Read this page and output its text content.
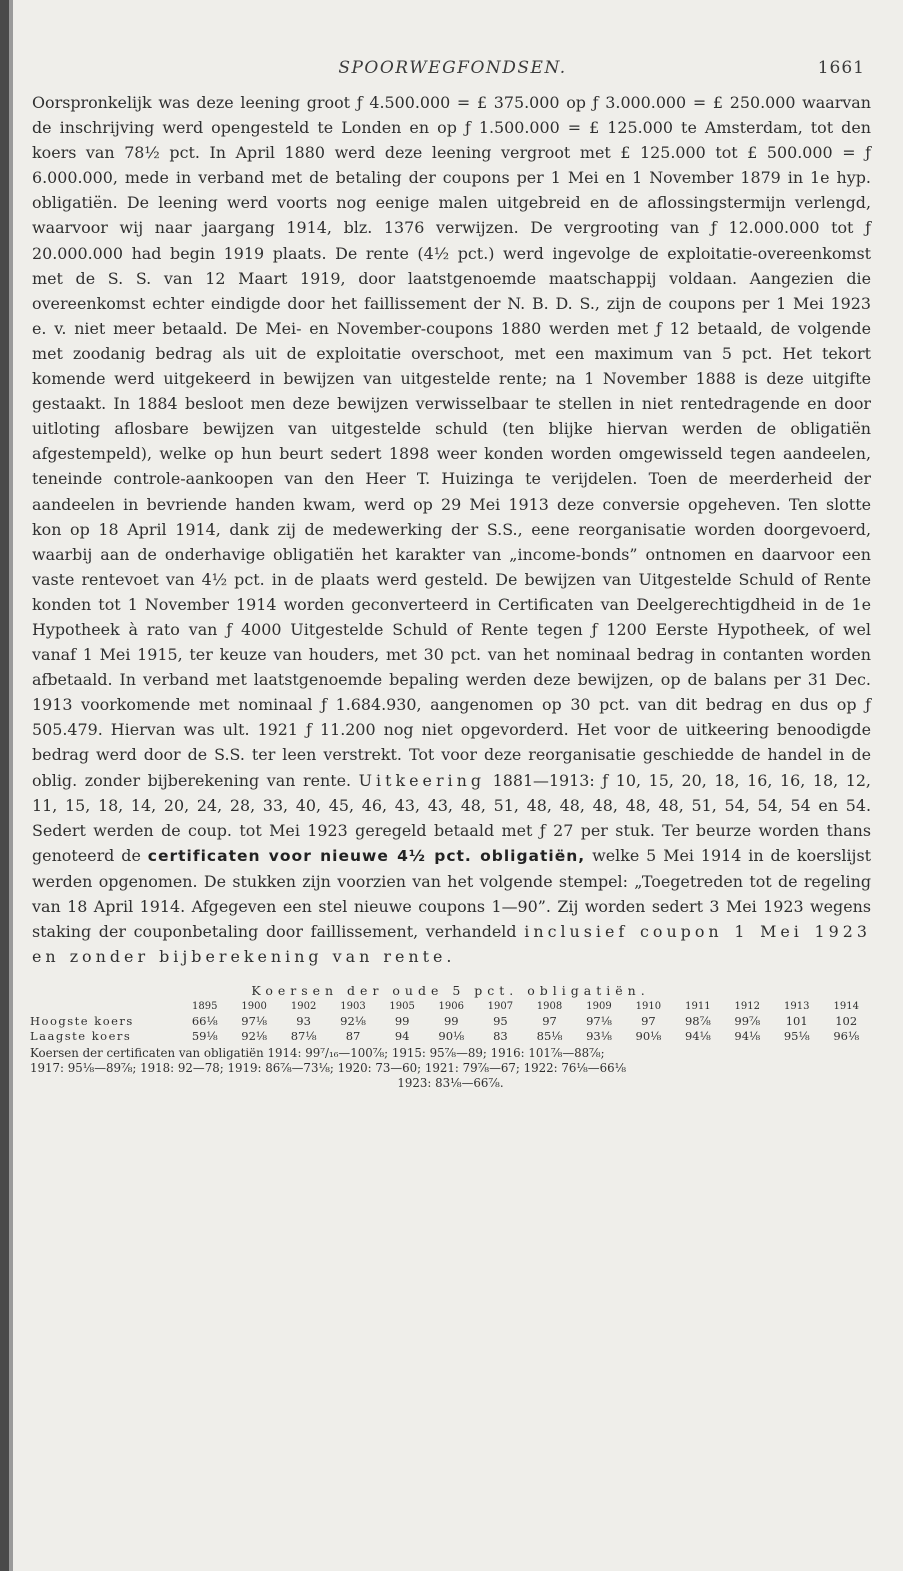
SPOORWEGFONDSEN.	1661

Oorspronkelijk was deze leening groot ƒ 4.500.000 = £ 375.000 op ƒ 3.000.000 = £ 250.000 waarvan de inschrijving werd opengesteld te Londen en op ƒ 1.500.000 = £ 125.000 te Amsterdam, tot den koers van 78½ pct. In April 1880 werd deze leening vergroot met £ 125.000 tot £ 500.000 = ƒ 6.000.000, mede in verband met de betaling der coupons per 1 Mei en 1 November 1879 in 1e hyp. obligatiën. De leening werd voorts nog eenige malen uitgebreid en de aflossingstermijn verlengd, waarvoor wij naar jaargang 1914, blz. 1376 verwijzen. De vergrooting van ƒ 12.000.000 tot ƒ 20.000.000 had begin 1919 plaats. De rente (4½ pct.) werd ingevolge de exploitatie-overeenkomst met de S. S. van 12 Maart 1919, door laatstgenoemde maatschappij voldaan. Aangezien die overeenkomst echter eindigde door het faillissement der N. B. D. S., zijn de coupons per 1 Mei 1923 e. v. niet meer betaald. De Mei- en November-coupons 1880 werden met ƒ 12 betaald, de volgende met zoodanig bedrag als uit de exploitatie overschoot, met een maximum van 5 pct. Het tekort komende werd uitgekeerd in bewijzen van uitgestelde rente; na 1 November 1888 is deze uitgifte gestaakt. In 1884 besloot men deze bewijzen verwisselbaar te stellen in niet rentedragende en door uitloting aflosbare bewijzen van uitgestelde schuld (ten blijke hiervan werden de obligatiën afgestempeld), welke op hun beurt sedert 1898 weer konden worden omgewisseld tegen aandeelen, teneinde controle-aankoopen van den Heer T. Huizinga te verijdelen. Toen de meerderheid der aandeelen in bevriende handen kwam, werd op 29 Mei 1913 deze conversie opgeheven. Ten slotte kon op 18 April 1914, dank zij de medewerking der S.S., eene reorganisatie worden doorgevoerd, waarbij aan de onderhavige obligatiën het karakter van „income-bonds” ontnomen en daarvoor een vaste rentevoet van 4½ pct. in de plaats werd gesteld. De bewijzen van Uitgestelde Schuld of Rente konden tot 1 November 1914 worden geconverteerd in Certificaten van Deelgerechtigdheid in de 1e Hypotheek à rato van ƒ 4000 Uitgestelde Schuld of Rente tegen ƒ 1200 Eerste Hypotheek, of wel vanaf 1 Mei 1915, ter keuze van houders, met 30 pct. van het nominaal bedrag in contanten worden afbetaald. In verband met laatstgenoemde bepaling werden deze bewijzen, op de balans per 31 Dec. 1913 voorkomende met nominaal ƒ 1.684.930, aangenomen op 30 pct. van dit bedrag en dus op ƒ 505.479. Hiervan was ult. 1921 ƒ 11.200 nog niet opgevorderd. Het voor de uitkeering benoodigde bedrag werd door de S.S. ter leen verstrekt. Tot voor deze reorganisatie geschiedde de handel in de oblig. zonder bijberekening van rente. Uitkeering 1881—1913: ƒ 10, 15, 20, 18, 16, 16, 18, 12, 11, 15, 18, 14, 20, 24, 28, 33, 40, 45, 46, 43, 43, 48, 51, 48, 48, 48, 48, 48, 51, 54, 54, 54 en 54. Sedert werden de coup. tot Mei 1923 geregeld betaald met ƒ 27 per stuk. Ter beurze worden thans genoteerd de certificaten voor nieuwe 4½ pct. obligatiën, welke 5 Mei 1914 in de koerslijst werden opgenomen. De stukken zijn voorzien van het volgende stempel: „Toegetreden tot de regeling van 18 April 1914. Afgegeven een stel nieuwe coupons 1—90”. Zij worden sedert 3 Mei 1923 wegens staking der couponbetaling door faillissement, verhandeld inclusief coupon 1 Mei 1923 en zonder bijberekening van rente.

Koersen der oude 5 pct. obligatiën.
	1895	1900	1902	1903	1905	1906	1907	1908	1909	1910	1911	1912	1913	1914
Hoogste koers	66⅛	97⅛	93	92⅛	99	99	95	97	97⅛	97	98⅞	99⅞	101	102
Laagste koers	59⅛	92⅛	87⅛	87	94	90⅛	83	85⅛	93⅛	90⅛	94⅛	94⅛	95⅛	96⅛
Koersen der certificaten van obligatiën 1914: 99⁷/₁₆—100⅞; 1915: 95⅞—89; 1916: 101⅞—88⅞;
1917: 95⅛—89⅞; 1918: 92—78; 1919: 86⅞—73⅛; 1920: 73—60; 1921: 79⅞—67; 1922: 76⅛—66⅛
1923: 83⅛—66⅞.
